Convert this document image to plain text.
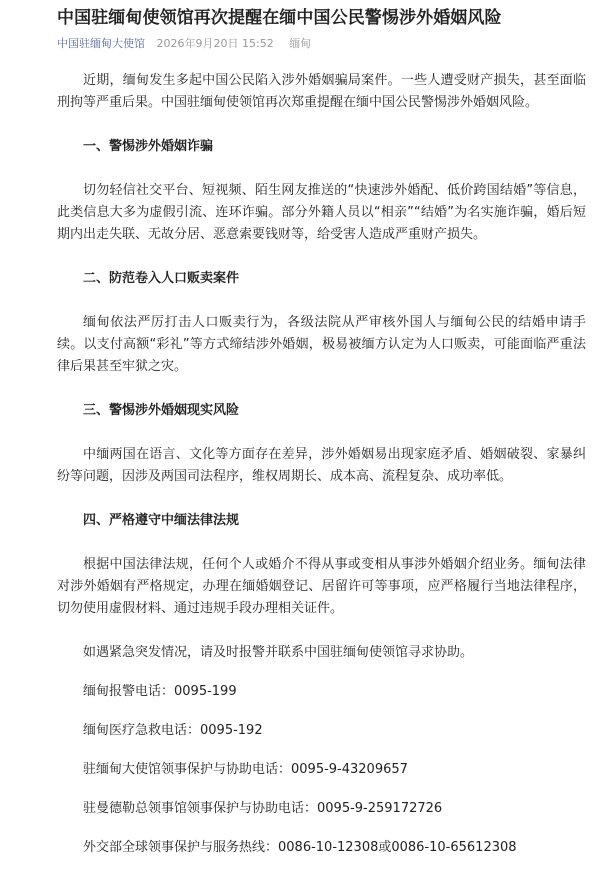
中国驻缅甸使领馆再次提醒在缅中国公民警惕涉外婚姻风险
中国驻缅甸大使馆 2026年9月20日 15:52 缅甸

近期，缅甸发生多起中国公民陷入涉外婚姻骗局案件。一些人遭受财产损失，甚至面临刑拘等严重后果。中国驻缅甸使领馆再次郑重提醒在缅中国公民警惕涉外婚姻风险。

一、警惕涉外婚姻诈骗

切勿轻信社交平台、短视频、陌生网友推送的“快速涉外婚配、低价跨国结婚”等信息，此类信息大多为虚假引流、连环诈骗。部分外籍人员以“相亲”“结婚”为名实施诈骗，婚后短期内出走失联、无故分居、恶意索要钱财等，给受害人造成严重财产损失。

二、防范卷入人口贩卖案件

缅甸依法严厉打击人口贩卖行为，各级法院从严审核外国人与缅甸公民的结婚申请手续。以支付高额“彩礼”等方式缔结涉外婚姻，极易被缅方认定为人口贩卖，可能面临严重法律后果甚至牢狱之灾。

三、警惕涉外婚姻现实风险

中缅两国在语言、文化等方面存在差异，涉外婚姻易出现家庭矛盾、婚姻破裂、家暴纠纷等问题，因涉及两国司法程序，维权周期长、成本高、流程复杂、成功率低。

四、严格遵守中缅法律法规

根据中国法律法规，任何个人或婚介不得从事或变相从事涉外婚姻介绍业务。缅甸法律对涉外婚姻有严格规定，办理在缅婚姻登记、居留许可等事项，应严格履行当地法律程序，切勿使用虚假材料、通过违规手段办理相关证件。

如遇紧急突发情况，请及时报警并联系中国驻缅甸使领馆寻求协助。

缅甸报警电话：0095-199

缅甸医疗急救电话：0095-192

驻缅甸大使馆领事保护与协助电话：0095-9-43209657

驻曼德勒总领事馆领事保护与协助电话：0095-9-259172726

外交部全球领事保护与服务热线：0086-10-12308或0086-10-65612308
